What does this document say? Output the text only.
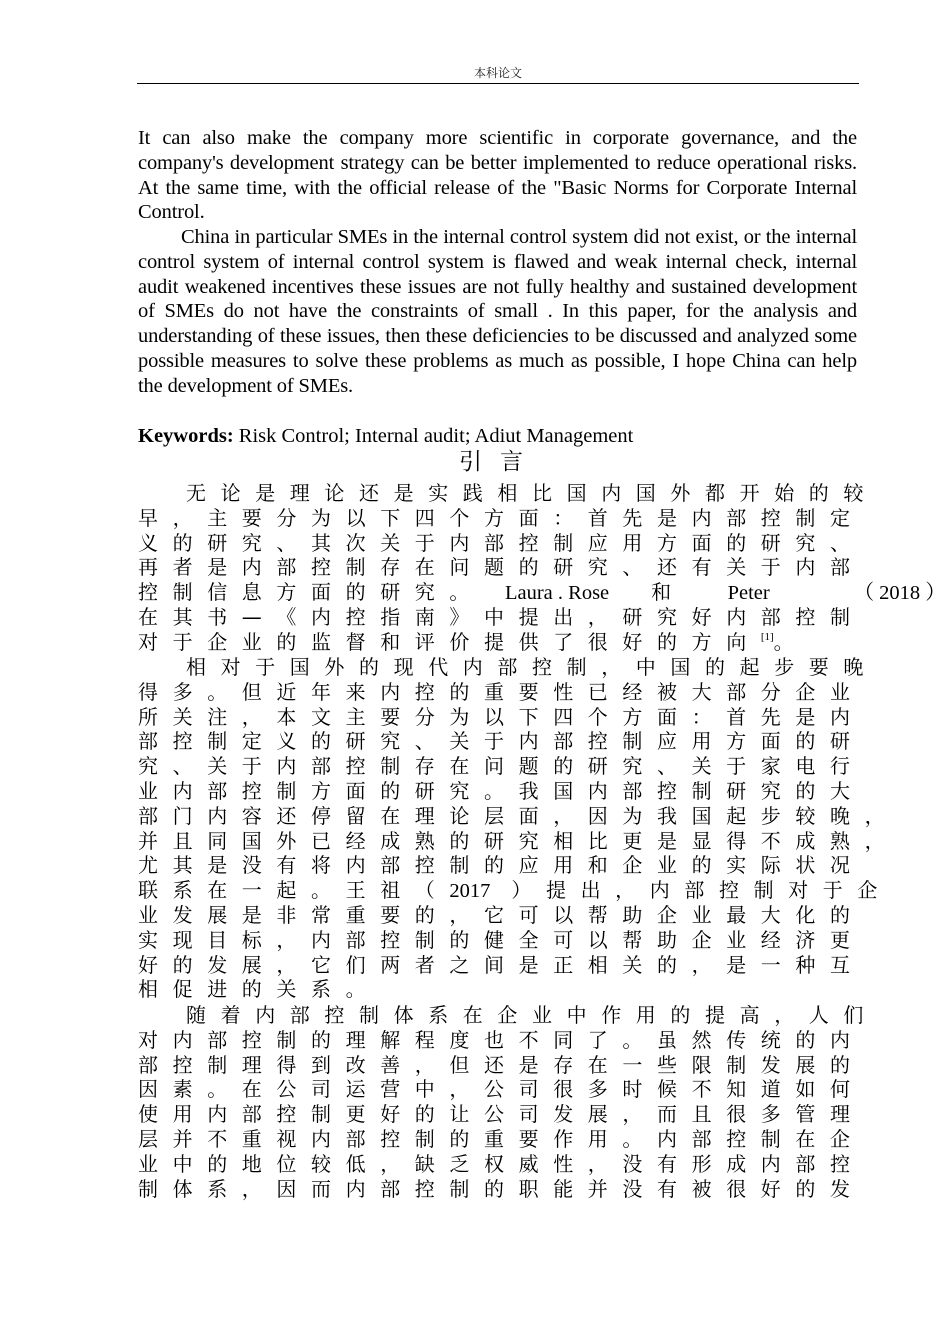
本科论文

It can also make the company more scientific in corporate governance, and the company's development strategy can be better implemented to reduce operational risks. At the same time, with the official release of the "Basic Norms for Corporate Internal Control.

China in particular SMEs in the internal control system did not exist, or the internal control system of internal control system is flawed and weak internal check, internal audit weakened incentives these issues are not fully healthy and sustained development of SMEs do not have the constraints of small . In this paper, for the analysis and understanding of these issues, then these deficiencies to be discussed and analyzed some possible measures to solve these problems as much as possible, I hope China can help the development of SMEs.

Keywords: Risk Control; Internal audit; Adiut Management
引言
无论是理论还是实践相比国内国外都开始的较
早，主要分为以下四个方面：首先是内部控制定
义的研究、其次关于内部控制应用方面的研究、
再者是内部控制存在问题的研究、还有关于内部
控制信息方面的研究。 Laura . Rose 和 Peter	（ 2018 ）
在其书—《内控指南》中提出，研究好内部控制
对于企业的监督和评价提供了很好的方向[1]。
相对于国外的现代内部控制，中国的起步要晚
得多。但近年来内控的重要性已经被大部分企业
所关注，本文主要分为以下四个方面：首先是内
部控制定义的研究、关于内部控制应用方面的研
究、关于内部控制存在问题的研究、关于家电行
业内部控制方面的研究。我国内部控制研究的大
部门内容还停留在理论层面，因为我国起步较晚，
并且同国外已经成熟的研究相比更是显得不成熟，
尤其是没有将内部控制的应用和企业的实际状况
联系在一起。王祖（2017 ）提出，内部控制对于企
业发展是非常重要的，它可以帮助企业最大化的
实现目标，内部控制的健全可以帮助企业经济更
好的发展，它们两者之间是正相关的，是一种互
相促进的关系。
随着内部控制体系在企业中作用的提高，人们
对内部控制的理解程度也不同了。虽然传统的内
部控制理得到改善，但还是存在一些限制发展的
因素。在公司运营中，公司很多时候不知道如何
使用内部控制更好的让公司发展，而且很多管理
层并不重视内部控制的重要作用。内部控制在企
业中的地位较低，缺乏权威性，没有形成内部控
制体系，因而内部控制的职能并没有被很好的发
